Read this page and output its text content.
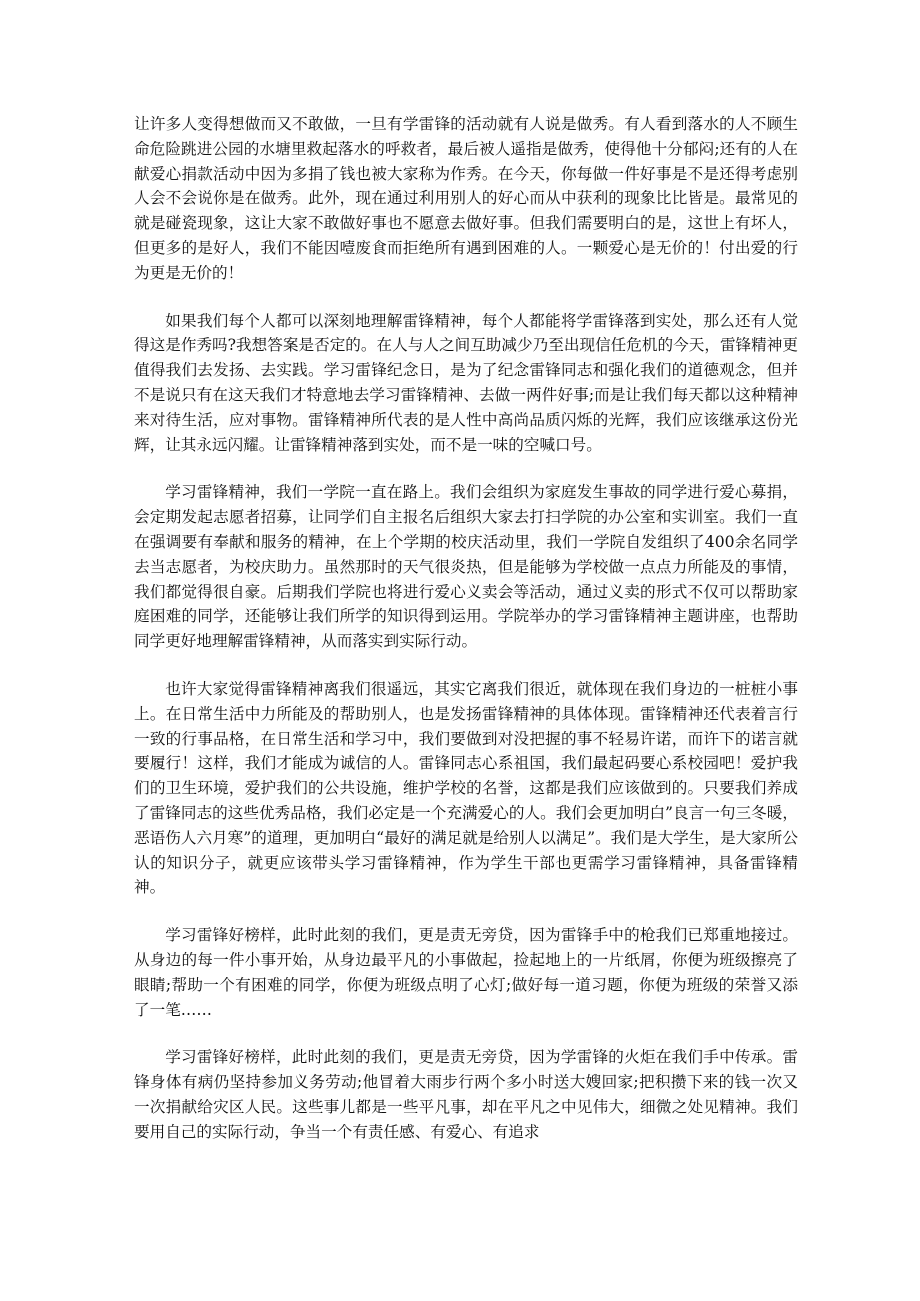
让许多人变得想做而又不敢做，一旦有学雷锋的活动就有人说是做秀。有人看到落水的人不顾生命危险跳进公园的水塘里救起落水的呼救者，最后被人遥指是做秀，使得他十分郁闷;还有的人在献爱心捐款活动中因为多捐了钱也被大家称为作秀。在今天，你每做一件好事是不是还得考虑别人会不会说你是在做秀。此外，现在通过利用别人的好心而从中获利的现象比比皆是。最常见的就是碰瓷现象，这让大家不敢做好事也不愿意去做好事。但我们需要明白的是，这世上有坏人，但更多的是好人，我们不能因噎废食而拒绝所有遇到困难的人。一颗爱心是无价的！付出爱的行为更是无价的！

如果我们每个人都可以深刻地理解雷锋精神，每个人都能将学雷锋落到实处，那么还有人觉得这是作秀吗?我想答案是否定的。在人与人之间互助减少乃至出现信任危机的今天，雷锋精神更值得我们去发扬、去实践。学习雷锋纪念日，是为了纪念雷锋同志和强化我们的道德观念，但并不是说只有在这天我们才特意地去学习雷锋精神、去做一两件好事;而是让我们每天都以这种精神来对待生活，应对事物。雷锋精神所代表的是人性中高尚品质闪烁的光辉，我们应该继承这份光辉，让其永远闪耀。让雷锋精神落到实处，而不是一味的空喊口号。

学习雷锋精神，我们一学院一直在路上。我们会组织为家庭发生事故的同学进行爱心募捐，会定期发起志愿者招募，让同学们自主报名后组织大家去打扫学院的办公室和实训室。我们一直在强调要有奉献和服务的精神，在上个学期的校庆活动里，我们一学院自发组织了400余名同学去当志愿者，为校庆助力。虽然那时的天气很炎热，但是能够为学校做一点点力所能及的事情，我们都觉得很自豪。后期我们学院也将进行爱心义卖会等活动，通过义卖的形式不仅可以帮助家庭困难的同学，还能够让我们所学的知识得到运用。学院举办的学习雷锋精神主题讲座，也帮助同学更好地理解雷锋精神，从而落实到实际行动。

也许大家觉得雷锋精神离我们很遥远，其实它离我们很近，就体现在我们身边的一桩桩小事上。在日常生活中力所能及的帮助别人，也是发扬雷锋精神的具体体现。雷锋精神还代表着言行一致的行事品格，在日常生活和学习中，我们要做到对没把握的事不轻易许诺，而许下的诺言就要履行！这样，我们才能成为诚信的人。雷锋同志心系祖国，我们最起码要心系校园吧！爱护我们的卫生环境，爱护我们的公共设施，维护学校的名誉，这都是我们应该做到的。只要我们养成了雷锋同志的这些优秀品格，我们必定是一个充满爱心的人。我们会更加明白”良言一句三冬暖，恶语伤人六月寒”的道理，更加明白“最好的满足就是给别人以满足”。我们是大学生，是大家所公认的知识分子，就更应该带头学习雷锋精神，作为学生干部也更需学习雷锋精神，具备雷锋精神。

学习雷锋好榜样，此时此刻的我们，更是责无旁贷，因为雷锋手中的枪我们已郑重地接过。从身边的每一件小事开始，从身边最平凡的小事做起，捡起地上的一片纸屑，你便为班级擦亮了眼睛;帮助一个有困难的同学，你便为班级点明了心灯;做好每一道习题，你便为班级的荣誉又添了一笔……

学习雷锋好榜样，此时此刻的我们，更是责无旁贷，因为学雷锋的火炬在我们手中传承。雷锋身体有病仍坚持参加义务劳动;他冒着大雨步行两个多小时送大嫂回家;把积攒下来的钱一次又一次捐献给灾区人民。这些事儿都是一些平凡事，却在平凡之中见伟大，细微之处见精神。我们要用自己的实际行动，争当一个有责任感、有爱心、有追求
